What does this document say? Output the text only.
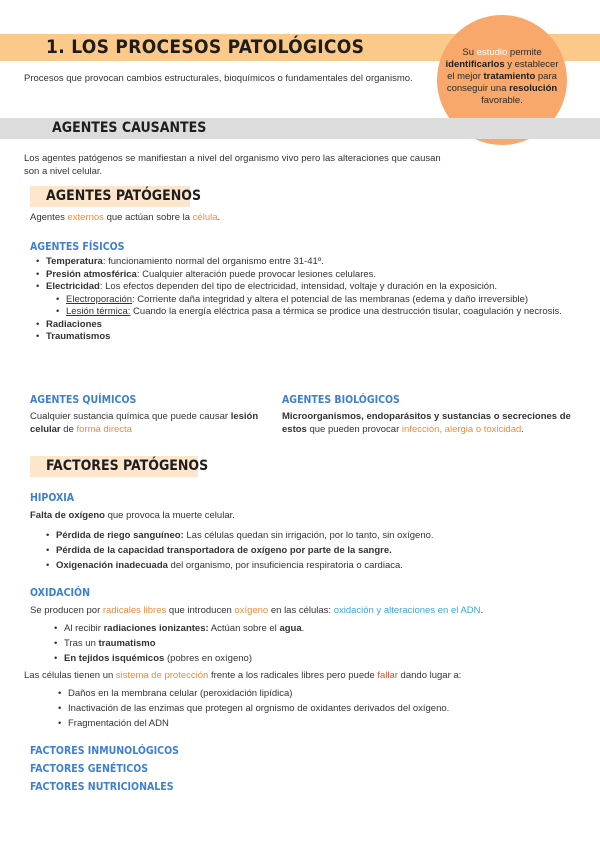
1. LOS PROCESOS PATOLÓGICOS	Su estudio permite identificarlos y establecer el mejor tratamiento para conseguir una resolución favorable.
Procesos que provocan cambios estructurales, bioquímicos o fundamentales del organismo.
AGENTES CAUSANTES
Los agentes patógenos se manifiestan a nivel del organismo vivo pero las alteraciones que causan son a nivel celular.
AGENTES PATÓGENOS
Agentes externos que actúan sobre la célula.
AGENTES FÍSICOS
• Temperatura: funcionamiento normal del organismo entre 31-41º.
• Presión atmosférica: Cualquier alteración puede provocar lesiones celulares.
• Electricidad: Los efectos dependen del tipo de electricidad, intensidad, voltaje y duración en la exposición.
• Electroporación: Corriente daña integridad y altera el potencial de las membranas (edema y daño irreversible)
• Lesión térmica: Cuando la energía eléctrica pasa a térmica se prodice una destrucción tisular, coagulación y necrosis.
• Radiaciones
• Traumatismos
AGENTES QUÍMICOS
Cualquier sustancia química que puede causar lesión celular de forma directa
AGENTES BIOLÓGICOS
Microorganismos, endoparásitos y sustancias o secreciones de estos que pueden provocar infección, alergia o toxicidad.
FACTORES PATÓGENOS
HIPOXIA
Falta de oxígeno que provoca la muerte celular.
• Pérdida de riego sanguíneo: Las células quedan sin irrigación, por lo tanto, sin oxígeno.
• Pérdida de la capacidad transportadora de oxígeno por parte de la sangre.
• Oxigenación inadecuada del organismo, por insuficiencia respiratoria o cardiaca.
OXIDACIÓN
Se producen por radicales libres que introducen oxígeno en las células: oxidación y alteraciones en el ADN.
• Al recibir radiaciones ionizantes: Actúan sobre el agua.
• Tras un traumatismo
• En tejidos isquémicos (pobres en oxígeno)
Las células tienen un sistema de protección frente a los radicales libres pero puede fallar dando lugar a:
• Daños en la membrana celular (peroxidación lipídica)
• Inactivación de las enzimas que protegen al orgnismo de oxidantes derivados del oxígeno.
• Fragmentación del ADN
FACTORES INMUNOLÓGICOS
FACTORES GENÉTICOS
FACTORES NUTRICIONALES
